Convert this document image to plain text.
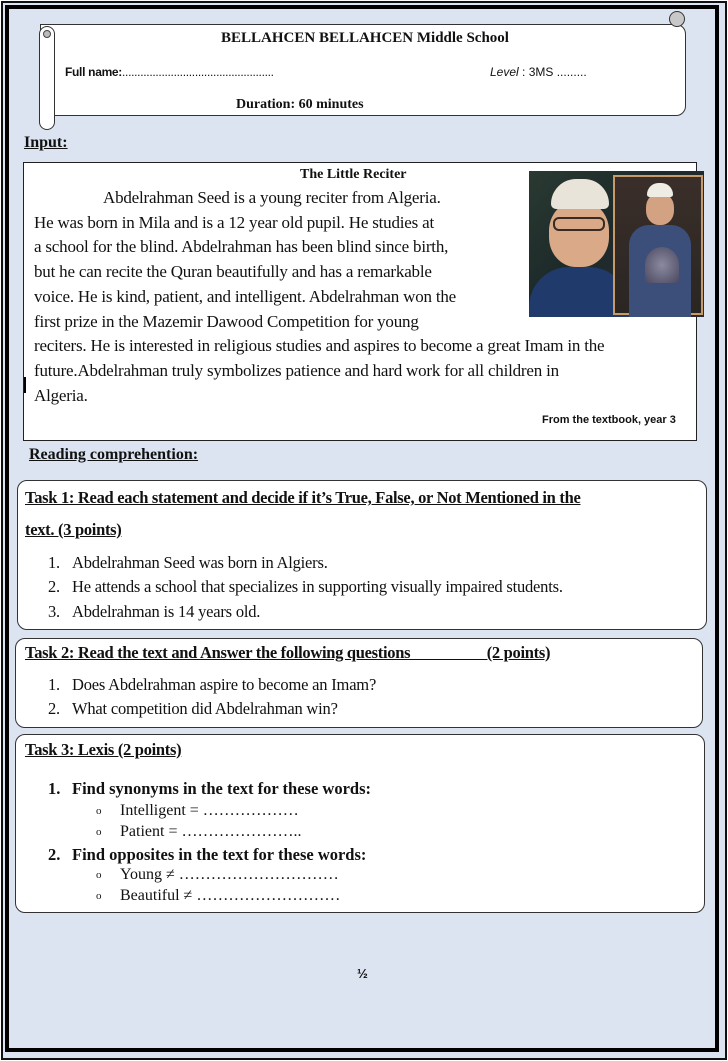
BELLAHCEN BELLAHCEN Middle School
Full name:..................................................	Level : 3MS .........
Duration: 60 minutes
Input:
The Little Reciter
Abdelrahman Seed is a young reciter from Algeria.
He was born in Mila and is a 12 year old pupil. He studies at
a school for the blind. Abdelrahman has been blind since birth,
but he can recite the Quran beautifully and has a remarkable
voice. He is kind, patient, and intelligent. Abdelrahman won the
first prize in the Mazemir Dawood Competition for young
reciters. He is interested in religious studies and aspires to become a great Imam in the
future.Abdelrahman truly symbolizes patience and hard work for all children in
Algeria.
From the textbook, year 3
Reading comprehention:
Task 1: Read each statement and decide if it’s True, False, or Not Mentioned in the
text. (3 points)
1. Abdelrahman Seed was born in Algiers.
2. He attends a school that specializes in supporting visually impaired students.
3. Abdelrahman is 14 years old.
Task 2: Read the text and Answer the following questions                    (2 points)
1. Does Abdelrahman aspire to become an Imam?
2. What competition did Abdelrahman win?
Task 3: Lexis (2 points)
1. Find synonyms in the text for these words:
o Intelligent = ………………
o Patient = …………………..
2. Find opposites in the text for these words:
o Young ≠ …………………………
o Beautiful ≠ ………………………
½
